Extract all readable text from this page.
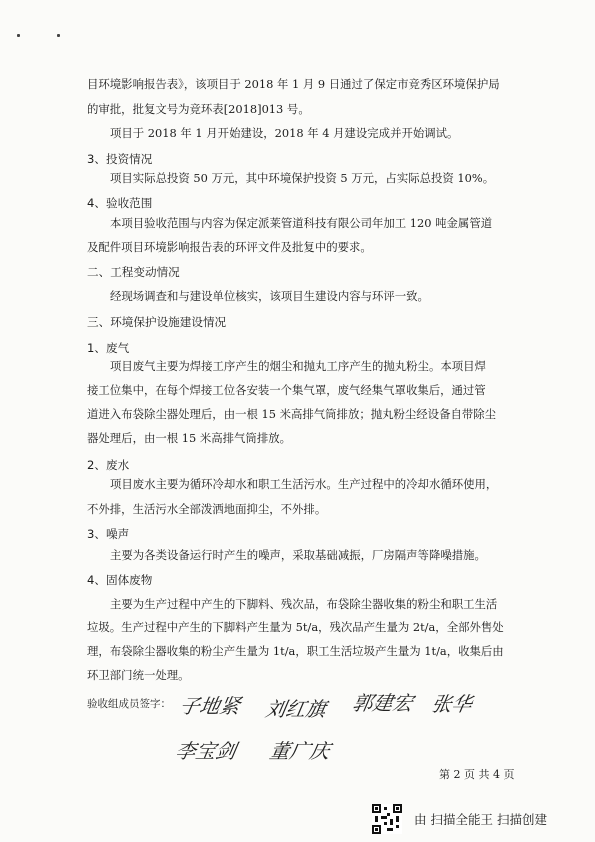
目环境影响报告表》，该项目于 2018 年 1 月 9 日通过了保定市竞秀区环境保护局
的审批，批复文号为竞环表[2018]013 号。
项目于 2018 年 1 月开始建设，2018 年 4 月建设完成并开始调试。
3、投资情况
项目实际总投资 50 万元，其中环境保护投资 5 万元，占实际总投资 10%。
4、验收范围
本项目验收范围与内容为保定派莱管道科技有限公司年加工 120 吨金属管道
及配件项目环境影响报告表的环评文件及批复中的要求。
二、工程变动情况
经现场调查和与建设单位核实，该项目生建设内容与环评一致。
三、环境保护设施建设情况
1、废气
项目废气主要为焊接工序产生的烟尘和抛丸工序产生的抛丸粉尘。本项目焊
接工位集中，在每个焊接工位各安装一个集气罩，废气经集气罩收集后，通过管
道进入布袋除尘器处理后，由一根 15 米高排气筒排放；抛丸粉尘经设备自带除尘
器处理后，由一根 15 米高排气筒排放。
2、废水
项目废水主要为循环冷却水和职工生活污水。生产过程中的冷却水循环使用，
不外排，生活污水全部泼洒地面抑尘，不外排。
3、噪声
主要为各类设备运行时产生的噪声，采取基础减振，厂房隔声等降噪措施。
4、固体废物
主要为生产过程中产生的下脚料、残次品，布袋除尘器收集的粉尘和职工生活
垃圾。生产过程中产生的下脚料产生量为 5t/a，残次品产生量为 2t/a，全部外售处
理，布袋除尘器收集的粉尘产生量为 1t/a，职工生活垃圾产生量为 1t/a，收集后由
环卫部门统一处理。
验收组成员签字： 子地紧 刘红旗 郭建宏 张华
李宝剑 董广庆
第 2 页 共 4 页
由 扫描全能王 扫描创建
